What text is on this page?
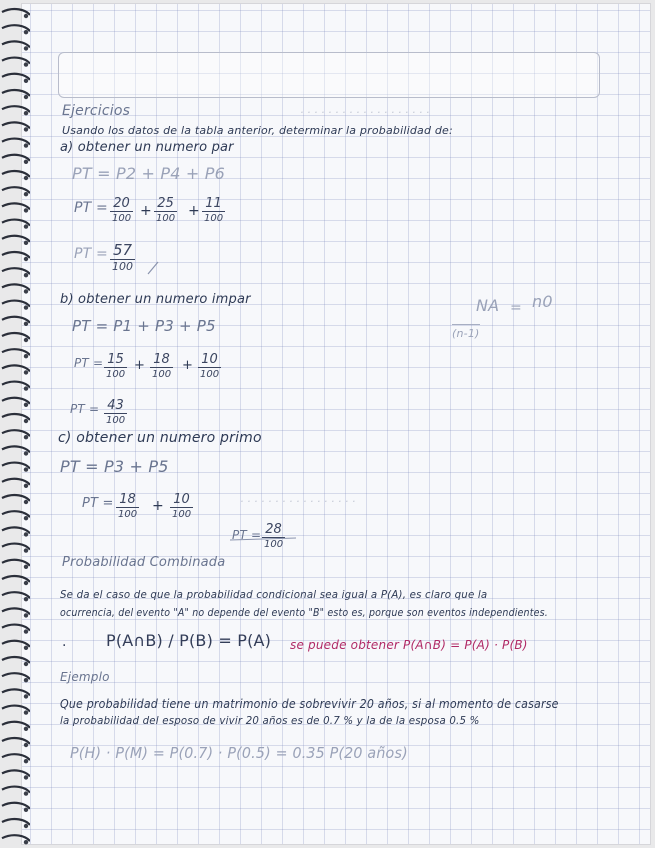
· · · · · · · · · · · · · · · · · · ·
· · · · · · · · · · · · · · · · ·
Ejercicios
Usando los datos de la tabla anterior, determinar la probabilidad de:
a) obtener un numero par
PT = P2 + P4 + P6
PT = 20
100 + 25
100 + 11
100
PT = 57
100
b) obtener un numero impar
PT = P1 + P3 + P5
PT = 15
100
+ 18
100
+ 10
100
PT = 43
100
NA = n0
(n-1)
c) obtener un numero primo
PT = P3 + P5
PT = 18
100
+ 10
100
PT = 28
100
Probabilidad Combinada
Se da el caso de que la probabilidad condicional sea igual a P(A), es claro que la
ocurrencia, del evento "A" no depende del evento "B" esto es, porque son eventos independientes.
P(A∩B) / P(B) = P(A) se puede obtener P(A∩B) = P(A) · P(B)
·
Ejemplo
Que probabilidad tiene un matrimonio de sobrevivir 20 años, si al momento de casarse
la probabilidad del esposo de vivir 20 años es de 0.7 % y la de la esposa 0.5 %
P(H) · P(M) = P(0.7) · P(0.5) = 0.35 P(20 años)
